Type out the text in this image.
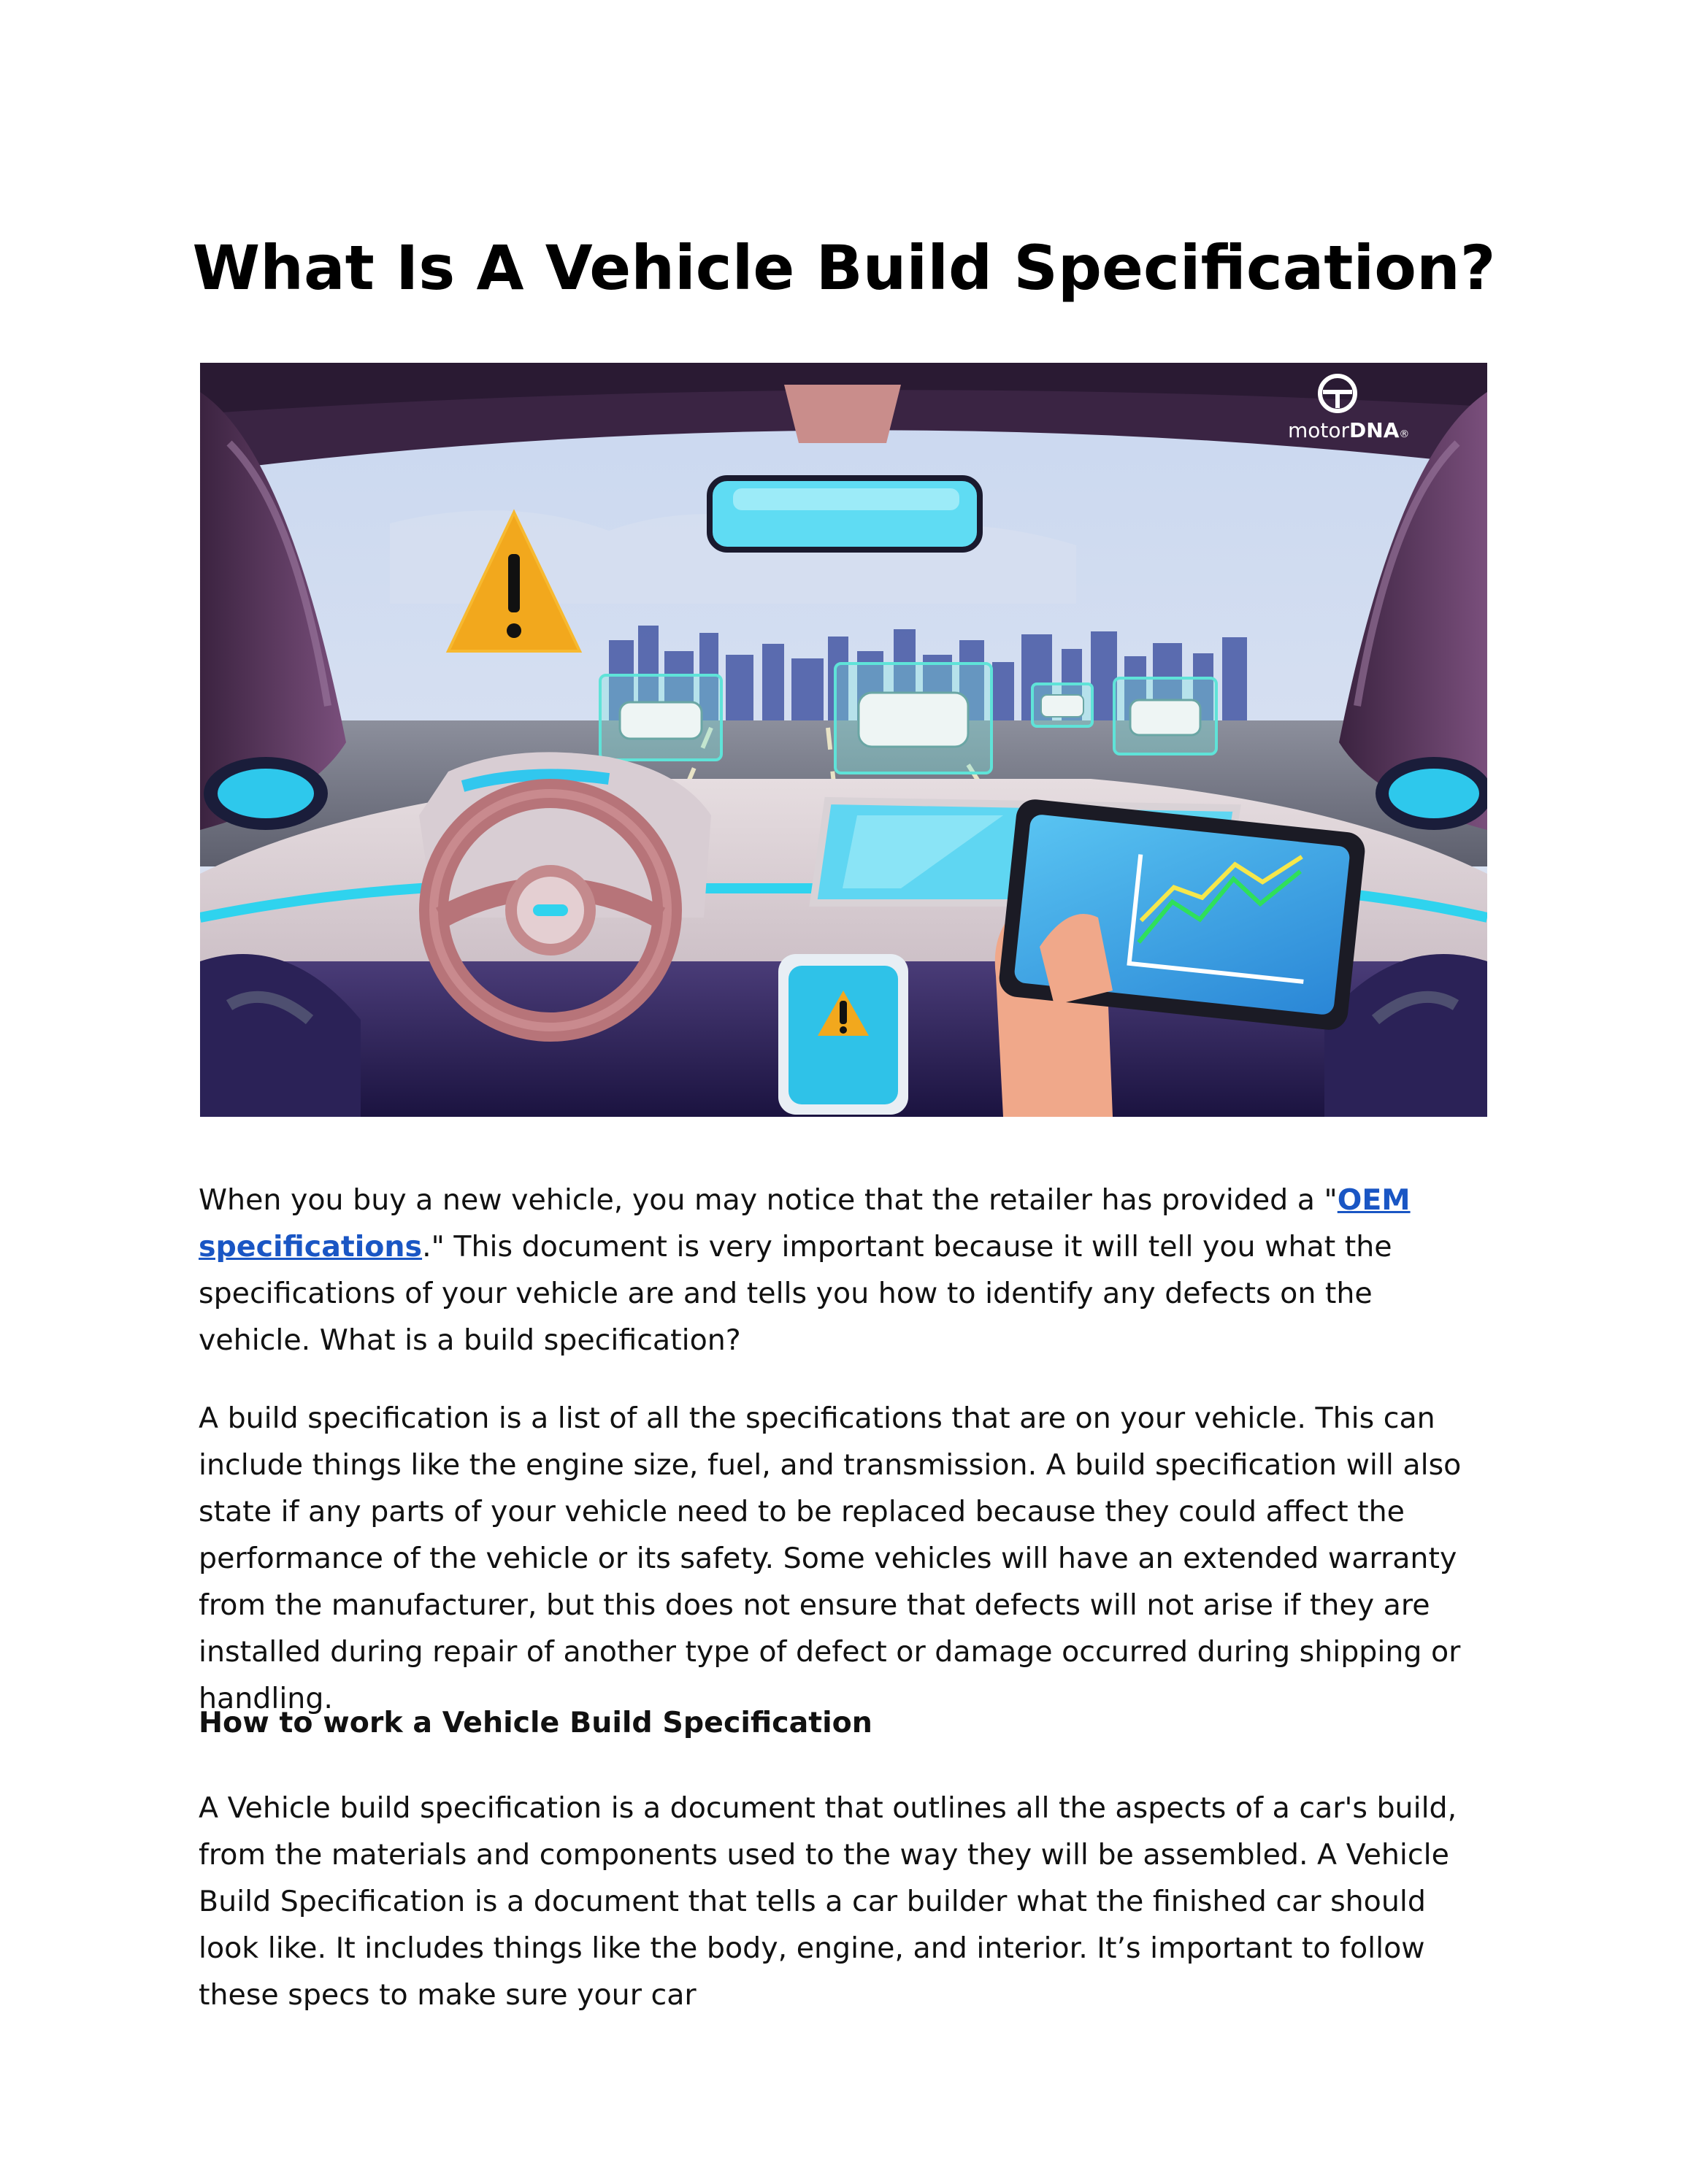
What Is A Vehicle Build Specification?
motorDNA®

When you buy a new vehicle, you may notice that the retailer has provided a "OEM specifications." This document is very important because it will tell you what the specifications of your vehicle are and tells you how to identify any defects on the vehicle. What is a build specification?

A build specification is a list of all the specifications that are on your vehicle. This can include things like the engine size, fuel, and transmission. A build specification will also state if any parts of your vehicle need to be replaced because they could affect the performance of the vehicle or its safety. Some vehicles will have an extended warranty from the manufacturer, but this does not ensure that defects will not arise if they are installed during repair of another type of defect or damage occurred during shipping or handling.

How to work a Vehicle Build Specification

A Vehicle build specification is a document that outlines all the aspects of a car's build, from the materials and components used to the way they will be assembled. A Vehicle Build Specification is a document that tells a car builder what the finished car should look like. It includes things like the body, engine, and interior. It’s important to follow these specs to make sure your car
